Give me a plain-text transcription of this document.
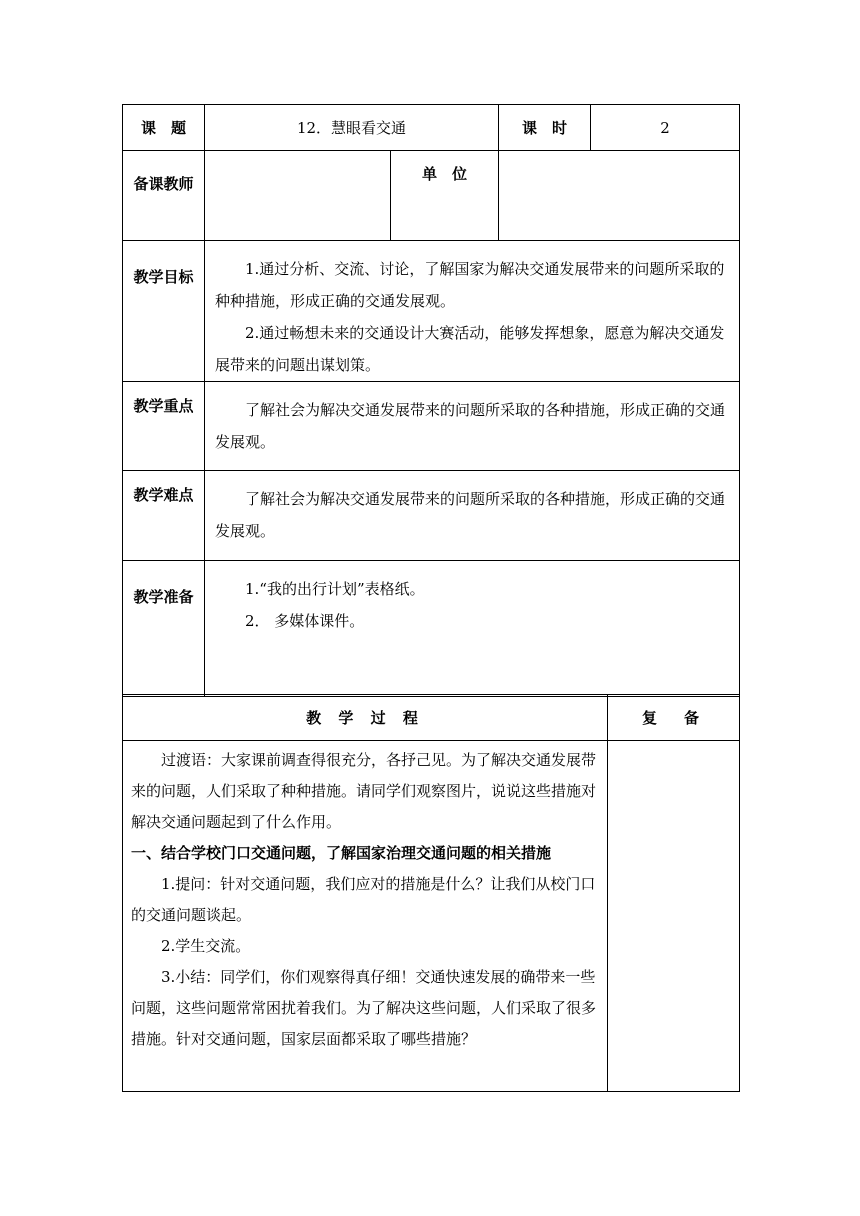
课　题	12．慧眼看交通		课　时	2
备课教师		单　位		
教学目标	1.通过分析、交流、讨论，了解国家为解决交通发展带来的问题所采取的种种措施，形成正确的交通发展观。

2.通过畅想未来的交通设计大赛活动，能够发挥想象，愿意为解决交通发展带来的问题出谋划策。			

教学重点	了解社会为解决交通发展带来的问题所采取的各种措施，形成正确的交通发展观。			
教学难点	了解社会为解决交通发展带来的问题所采取的各种措施，形成正确的交通发展观。			
教学准备	1.“我的出行计划”表格纸。

2． 多媒体课件。			

教 学 过 程	复　备

过渡语：大家课前调查得很充分，各抒己见。为了解决交通发展带来的问题，人们采取了种种措施。请同学们观察图片，说说这些措施对解决交通问题起到了什么作用。

一、结合学校门口交通问题，了解国家治理交通问题的相关措施

1.提问：针对交通问题，我们应对的措施是什么？让我们从校门口的交通问题谈起。

2.学生交流。

3.小结：同学们，你们观察得真仔细！交通快速发展的确带来一些问题，这些问题常常困扰着我们。为了解决这些问题，人们采取了很多措施。针对交通问题，国家层面都采取了哪些措施？	
